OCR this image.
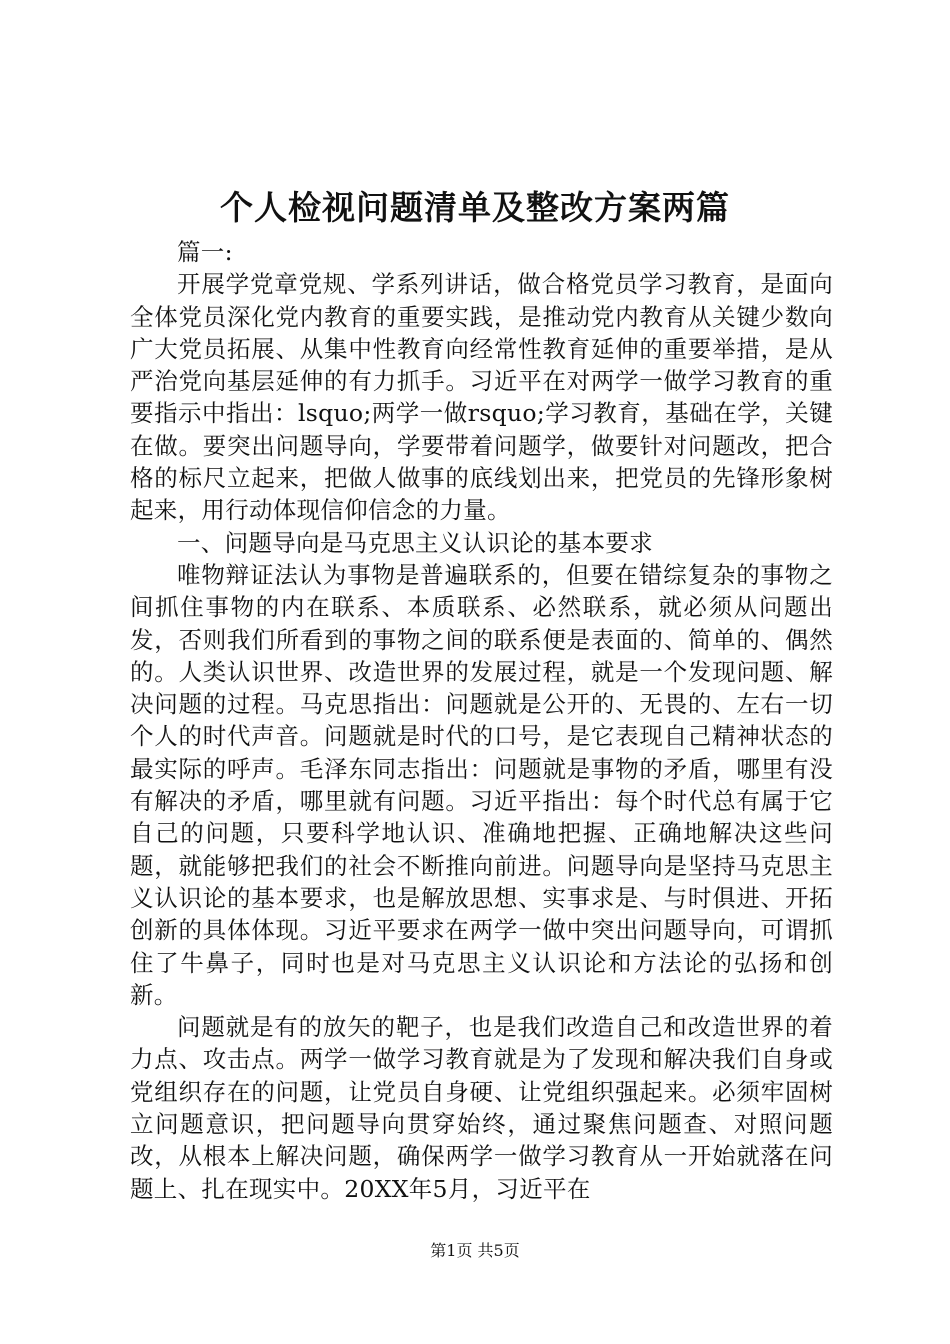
个人检视问题清单及整改方案两篇

篇一:

开展学党章党规、学系列讲话，做合格党员学习教育，是面向全体党员深化党内教育的重要实践，是推动党内教育从关键少数向广大党员拓展、从集中性教育向经常性教育延伸的重要举措，是从严治党向基层延伸的有力抓手。习近平在对两学一做学习教育的重要指示中指出：lsquo;两学一做rsquo;学习教育，基础在学，关键在做。要突出问题导向，学要带着问题学，做要针对问题改，把合格的标尺立起来，把做人做事的底线划出来，把党员的先锋形象树起来，用行动体现信仰信念的力量。

一、问题导向是马克思主义认识论的基本要求

唯物辩证法认为事物是普遍联系的，但要在错综复杂的事物之间抓住事物的内在联系、本质联系、必然联系，就必须从问题出发，否则我们所看到的事物之间的联系便是表面的、简单的、偶然的。人类认识世界、改造世界的发展过程，就是一个发现问题、解决问题的过程。马克思指出：问题就是公开的、无畏的、左右一切个人的时代声音。问题就是时代的口号，是它表现自己精神状态的最实际的呼声。毛泽东同志指出：问题就是事物的矛盾，哪里有没有解决的矛盾，哪里就有问题。习近平指出：每个时代总有属于它自己的问题，只要科学地认识、准确地把握、正确地解决这些问题，就能够把我们的社会不断推向前进。问题导向是坚持马克思主义认识论的基本要求，也是解放思想、实事求是、与时俱进、开拓创新的具体体现。习近平要求在两学一做中突出问题导向，可谓抓住了牛鼻子，同时也是对马克思主义认识论和方法论的弘扬和创新。

问题就是有的放矢的靶子，也是我们改造自己和改造世界的着力点、攻击点。两学一做学习教育就是为了发现和解决我们自身或党组织存在的问题，让党员自身硬、让党组织强起来。必须牢固树立问题意识，把问题导向贯穿始终，通过聚焦问题查、对照问题改，从根本上解决问题，确保两学一做学习教育从一开始就落在问题上、扎在现实中。20XX年5月，习近平在

第1页 共5页
